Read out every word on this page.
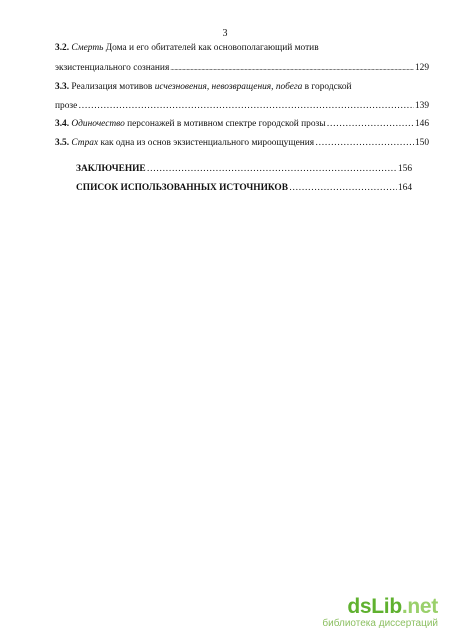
3
3.2. Смерть Дома и его обитателей как основополагающий мотив
экзистенциального сознания .....	129
3.3. Реализация мотивов исчезновения, невозвращения, побега в городской
прозе …………………………………………………………………………………………………………………………………………………………	139
3.4. Одиночество персонажей в мотивном спектре городской прозы …………………………………………………………………………………………………………………………………………………………	146
3.5. Страх как одна из основ экзистенциального мироощущения …………………………………………………………………………………………………………………………………………………………	150
ЗАКЛЮЧЕНИЕ …………………………………………………………………………………………………………………………………………………………	156
СПИСОК ИСПОЛЬЗОВАННЫХ ИСТОЧНИКОВ …………………………………………………………………………………………………………………………………………………………	164
dsLib.net
библиотека диссертаций
